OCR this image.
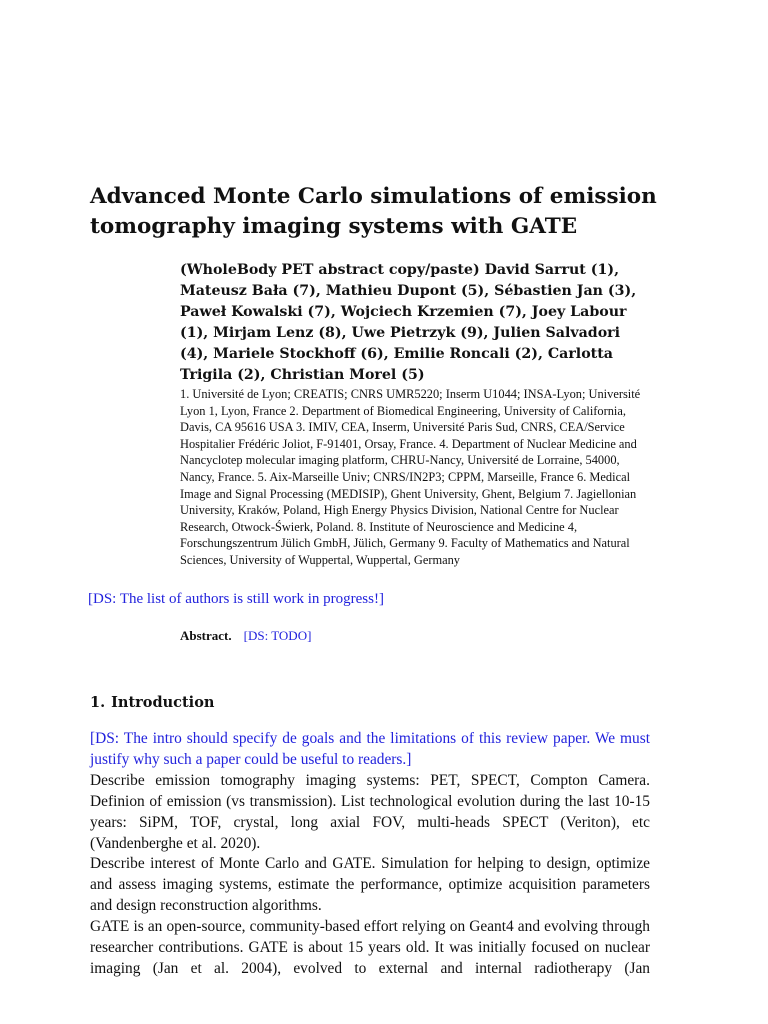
Advanced Monte Carlo simulations of emission tomography imaging systems with GATE

(WholeBody PET abstract copy/paste) David Sarrut (1), Mateusz Bała (7), Mathieu Dupont (5), Sébastien Jan (3), Paweł Kowalski (7), Wojciech Krzemien (7), Joey Labour (1), Mirjam Lenz (8), Uwe Pietrzyk (9), Julien Salvadori (4), Mariele Stockhoff (6), Emilie Roncali (2), Carlotta Trigila (2), Christian Morel (5)

1. Université de Lyon; CREATIS; CNRS UMR5220; Inserm U1044; INSA-Lyon; Université Lyon 1, Lyon, France 2. Department of Biomedical Engineering, University of California, Davis, CA 95616 USA 3. IMIV, CEA, Inserm, Université Paris Sud, CNRS, CEA/Service Hospitalier Frédéric Joliot, F-91401, Orsay, France. 4. Department of Nuclear Medicine and Nancyclotep molecular imaging platform, CHRU-Nancy, Université de Lorraine, 54000, Nancy, France. 5. Aix-Marseille Univ; CNRS/IN2P3; CPPM, Marseille, France 6. Medical Image and Signal Processing (MEDISIP), Ghent University, Ghent, Belgium 7. Jagiellonian University, Kraków, Poland, High Energy Physics Division, National Centre for Nuclear Research, Otwock-Świerk, Poland. 8. Institute of Neuroscience and Medicine 4, Forschungszentrum Jülich GmbH, Jülich, Germany 9. Faculty of Mathematics and Natural Sciences, University of Wuppertal, Wuppertal, Germany

[DS: The list of authors is still work in progress!]
Abstract. [DS: TODO]
1. Introduction

[DS: The intro should specify de goals and the limitations of this review paper. We must justify why such a paper could be useful to readers.]

Describe emission tomography imaging systems: PET, SPECT, Compton Camera. Definion of emission (vs transmission). List technological evolution during the last 10-15 years: SiPM, TOF, crystal, long axial FOV, multi-heads SPECT (Veriton), etc (Vandenberghe et al. 2020).

Describe interest of Monte Carlo and GATE. Simulation for helping to design, optimize and assess imaging systems, estimate the performance, optimize acquisition parameters and design reconstruction algorithms.

GATE is an open-source, community-based effort relying on Geant4 and evolving through researcher contributions. GATE is about 15 years old. It was initially focused on nuclear imaging (Jan et al. 2004), evolved to external and internal radiotherapy (Jan
